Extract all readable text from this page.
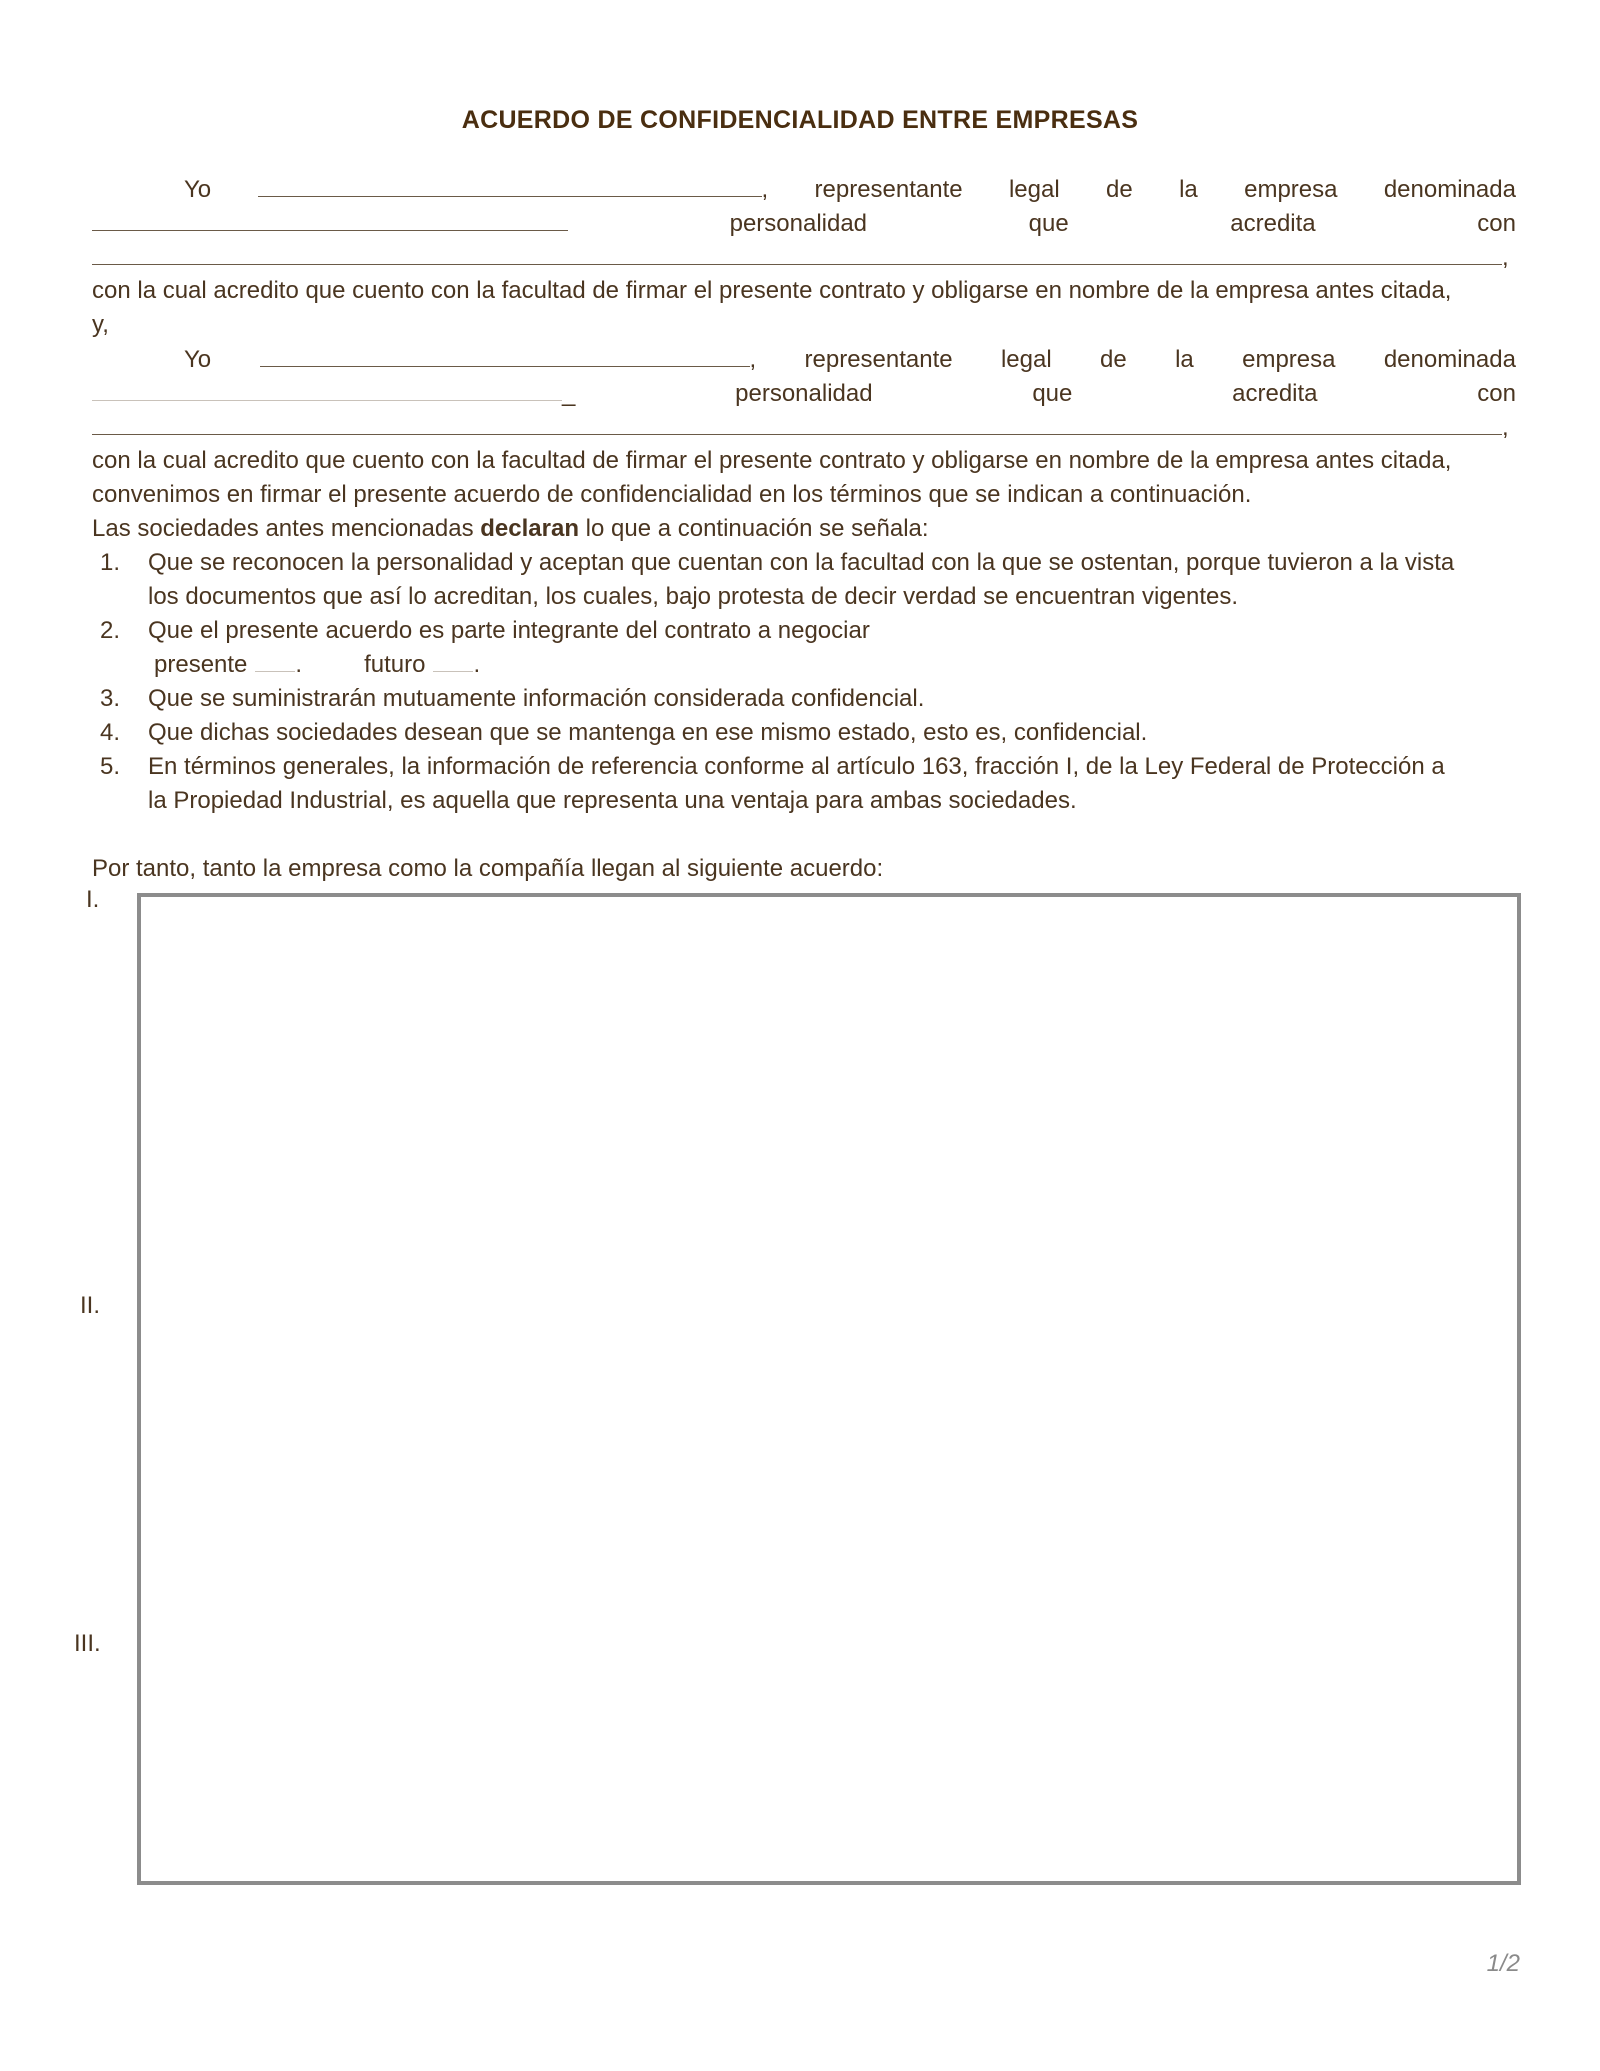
ACUERDO DE CONFIDENCIALIDAD ENTRE EMPRESAS
Yo	, representante legal de la empresa denominada
personalidad	que	acredita	con
,
con la cual acredito que cuento con la facultad de firmar el presente contrato y obligarse en nombre de la empresa antes citada,
y,
Yo	, representante legal de la empresa denominada
_	personalidad	que	acredita	con
,
con la cual acredito que cuento con la facultad de firmar el presente contrato y obligarse en nombre de la empresa antes citada,
convenimos en firmar el presente acuerdo de confidencialidad en los términos que se indican a continuación.
Las sociedades antes mencionadas declaran lo que a continuación se señala:
1.	Que se reconocen la personalidad y aceptan que cuentan con la facultad con la que se ostentan, porque tuvieron a la vista
los documentos que así lo acreditan, los cuales, bajo protesta de decir verdad se encuentran vigentes.
2.	Que el presente acuerdo es parte integrante del contrato a negociar
presente .	futuro .
3.	Que se suministrarán mutuamente información considerada confidencial.
4.	Que dichas sociedades desean que se mantenga en ese mismo estado, esto es, confidencial.
5.	En términos generales, la información de referencia conforme al artículo 163, fracción I, de la Ley Federal de Protección a
la Propiedad Industrial, es aquella que representa una ventaja para ambas sociedades.
Por tanto, tanto la empresa como la compañía llegan al siguiente acuerdo:
I.
II.
III.
1/2
